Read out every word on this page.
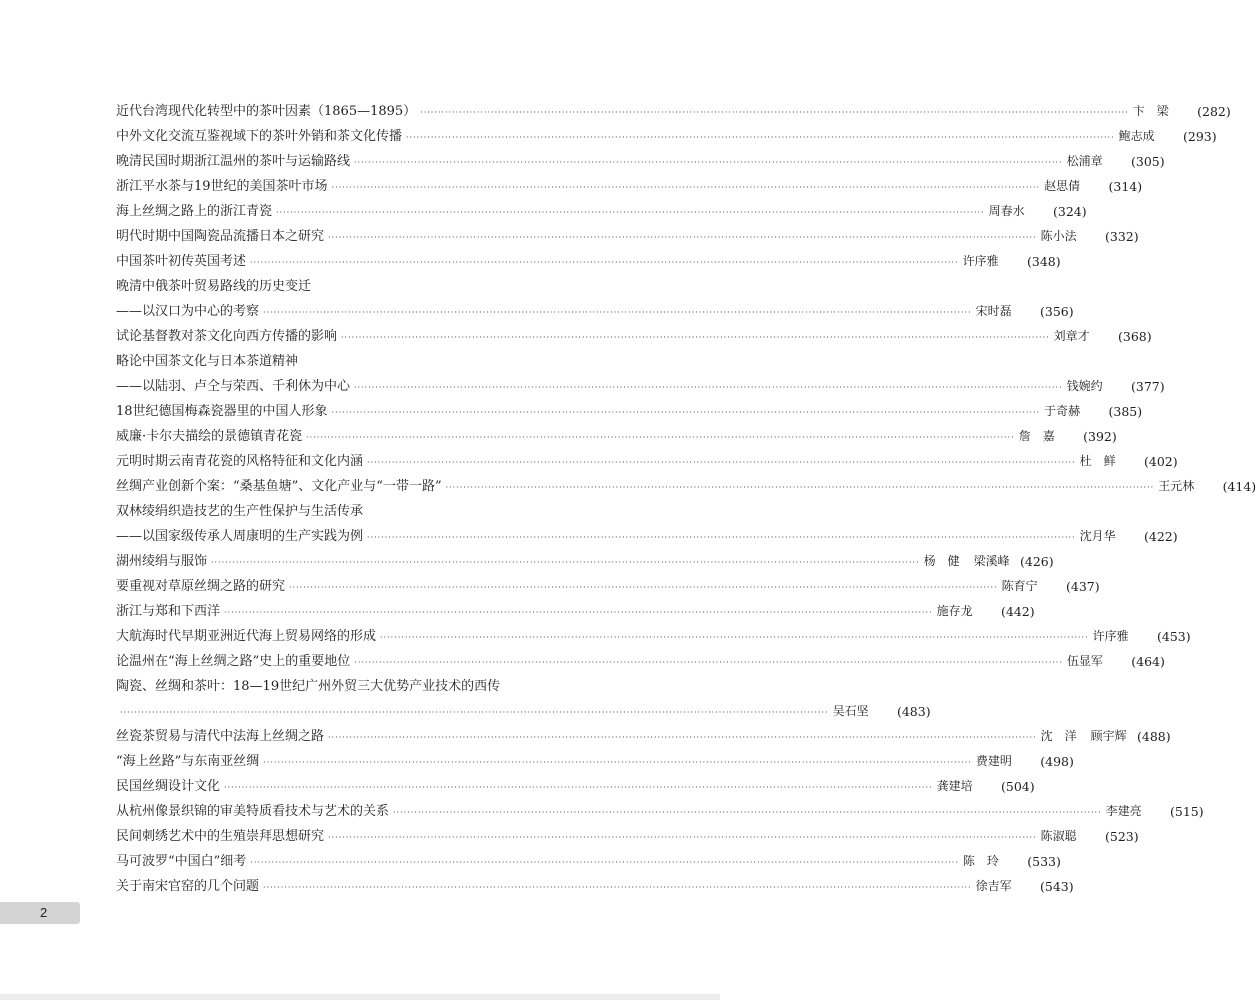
近代台湾现代化转型中的茶叶因素（1865—1895） ········································································································································································································ 卞　梁	(282)
中外文化交流互鉴视域下的茶叶外销和茶文化传播 ········································································································································································································ 鲍志成	(293)
晚清民国时期浙江温州的茶叶与运输路线 ········································································································································································································ 松浦章	(305)
浙江平水茶与19世纪的美国茶叶市场 ········································································································································································································ 赵思倩	(314)
海上丝绸之路上的浙江青瓷 ········································································································································································································ 周春水	(324)
明代时期中国陶瓷品流播日本之研究 ········································································································································································································ 陈小法	(332)
中国茶叶初传英国考述 ········································································································································································································ 许序雅	(348)
晚清中俄茶叶贸易路线的历史变迁
——以汉口为中心的考察 ········································································································································································································ 宋时磊	(356)
试论基督教对茶文化向西方传播的影响 ········································································································································································································ 刘章才	(368)
略论中国茶文化与日本茶道精神
——以陆羽、卢仝与荣西、千利休为中心 ········································································································································································································ 钱婉约	(377)
18世纪德国梅森瓷器里的中国人形象 ········································································································································································································ 于奇赫	(385)
威廉·卡尔夫描绘的景德镇青花瓷 ········································································································································································································ 詹　嘉	(392)
元明时期云南青花瓷的风格特征和文化内涵 ········································································································································································································ 杜　鲜	(402)
丝绸产业创新个案：“桑基鱼塘”、文化产业与“一带一路” ········································································································································································································ 王元林	(414)
双林绫绢织造技艺的生产性保护与生活传承
——以国家级传承人周康明的生产实践为例 ········································································································································································································ 沈月华	(422)
湖州绫绢与服饰 ········································································································································································································ 杨　健 梁溪峰 (426)
要重视对草原丝绸之路的研究 ········································································································································································································ 陈育宁	(437)
浙江与郑和下西洋 ········································································································································································································ 施存龙	(442)
大航海时代早期亚洲近代海上贸易网络的形成 ········································································································································································································ 许序雅	(453)
论温州在“海上丝绸之路”史上的重要地位 ········································································································································································································ 伍显军	(464)
陶瓷、丝绸和茶叶：18—19世纪广州外贸三大优势产业技术的西传
········································································································································································································ 吴石坚	(483)
丝瓷茶贸易与清代中法海上丝绸之路 ········································································································································································································ 沈　洋 顾宇辉 (488)
“海上丝路”与东南亚丝绸 ········································································································································································································ 费建明	(498)
民国丝绸设计文化 ········································································································································································································ 龚建培	(504)
从杭州像景织锦的审美特质看技术与艺术的关系 ········································································································································································································ 李建亮	(515)
民间刺绣艺术中的生殖崇拜思想研究 ········································································································································································································ 陈淑聪	(523)
马可波罗“中国白”细考 ········································································································································································································ 陈　玲	(533)
关于南宋官窑的几个问题 ········································································································································································································ 徐吉军	(543)
2
